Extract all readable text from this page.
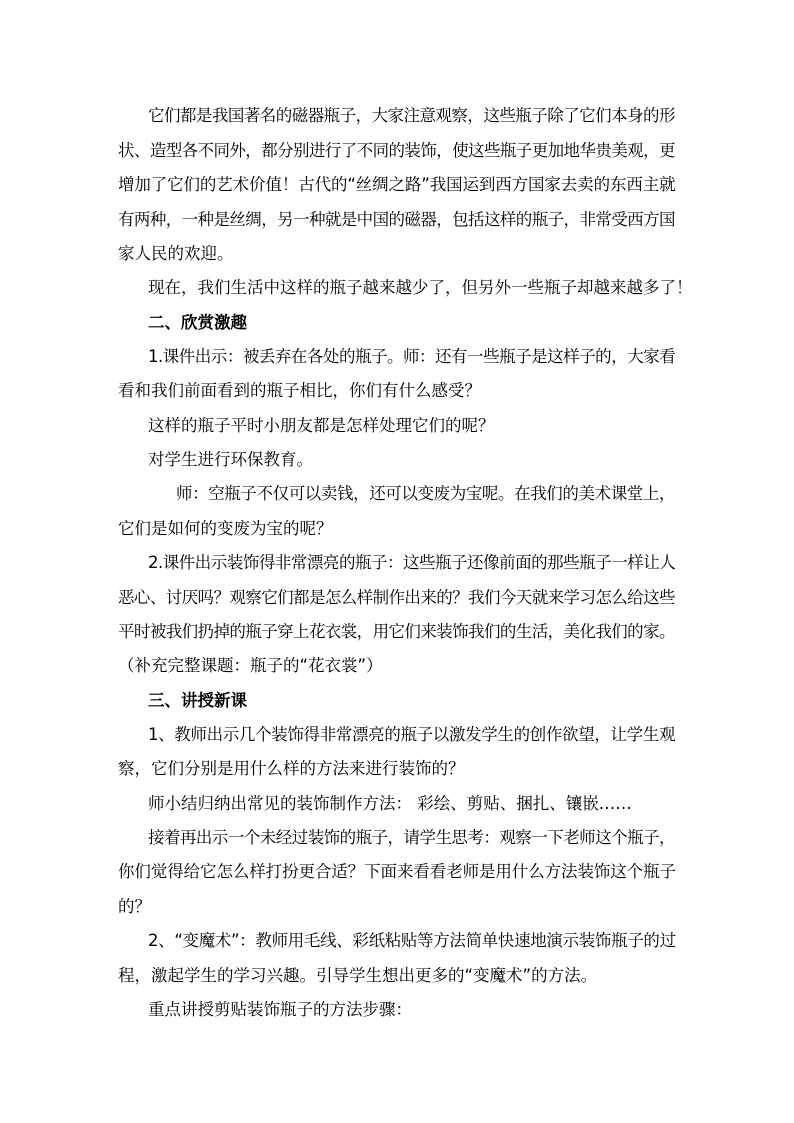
它们都是我国著名的磁器瓶子，大家注意观察，这些瓶子除了它们本身的形
状、造型各不同外，都分别进行了不同的装饰，使这些瓶子更加地华贵美观，更
增加了它们的艺术价值！古代的“丝绸之路”我国运到西方国家去卖的东西主就
有两种，一种是丝绸，另一种就是中国的磁器，包括这样的瓶子，非常受西方国
家人民的欢迎。
现在，我们生活中这样的瓶子越来越少了，但另外一些瓶子却越来越多了！
二、欣赏激趣
1.课件出示：被丢弃在各处的瓶子。师：还有一些瓶子是这样子的，大家看
看和我们前面看到的瓶子相比，你们有什么感受？
这样的瓶子平时小朋友都是怎样处理它们的呢？
对学生进行环保教育。
师：空瓶子不仅可以卖钱，还可以变废为宝呢。在我们的美术课堂上，
它们是如何的变废为宝的呢？
2.课件出示装饰得非常漂亮的瓶子：这些瓶子还像前面的那些瓶子一样让人
恶心、讨厌吗？观察它们都是怎么样制作出来的？我们今天就来学习怎么给这些
平时被我们扔掉的瓶子穿上花衣裳，用它们来装饰我们的生活，美化我们的家。
（补充完整课题：瓶子的“花衣裳”）
三、讲授新课
1、教师出示几个装饰得非常漂亮的瓶子以激发学生的创作欲望，让学生观
察，它们分别是用什么样的方法来进行装饰的？
师小结归纳出常见的装饰制作方法： 彩绘、剪贴、捆扎、镶嵌……
接着再出示一个未经过装饰的瓶子，请学生思考：观察一下老师这个瓶子，
你们觉得给它怎么样打扮更合适？下面来看看老师是用什么方法装饰这个瓶子
的？
2、“变魔术”：教师用毛线、彩纸粘贴等方法简单快速地演示装饰瓶子的过
程，激起学生的学习兴趣。引导学生想出更多的“变魔术”的方法。
重点讲授剪贴装饰瓶子的方法步骤：
